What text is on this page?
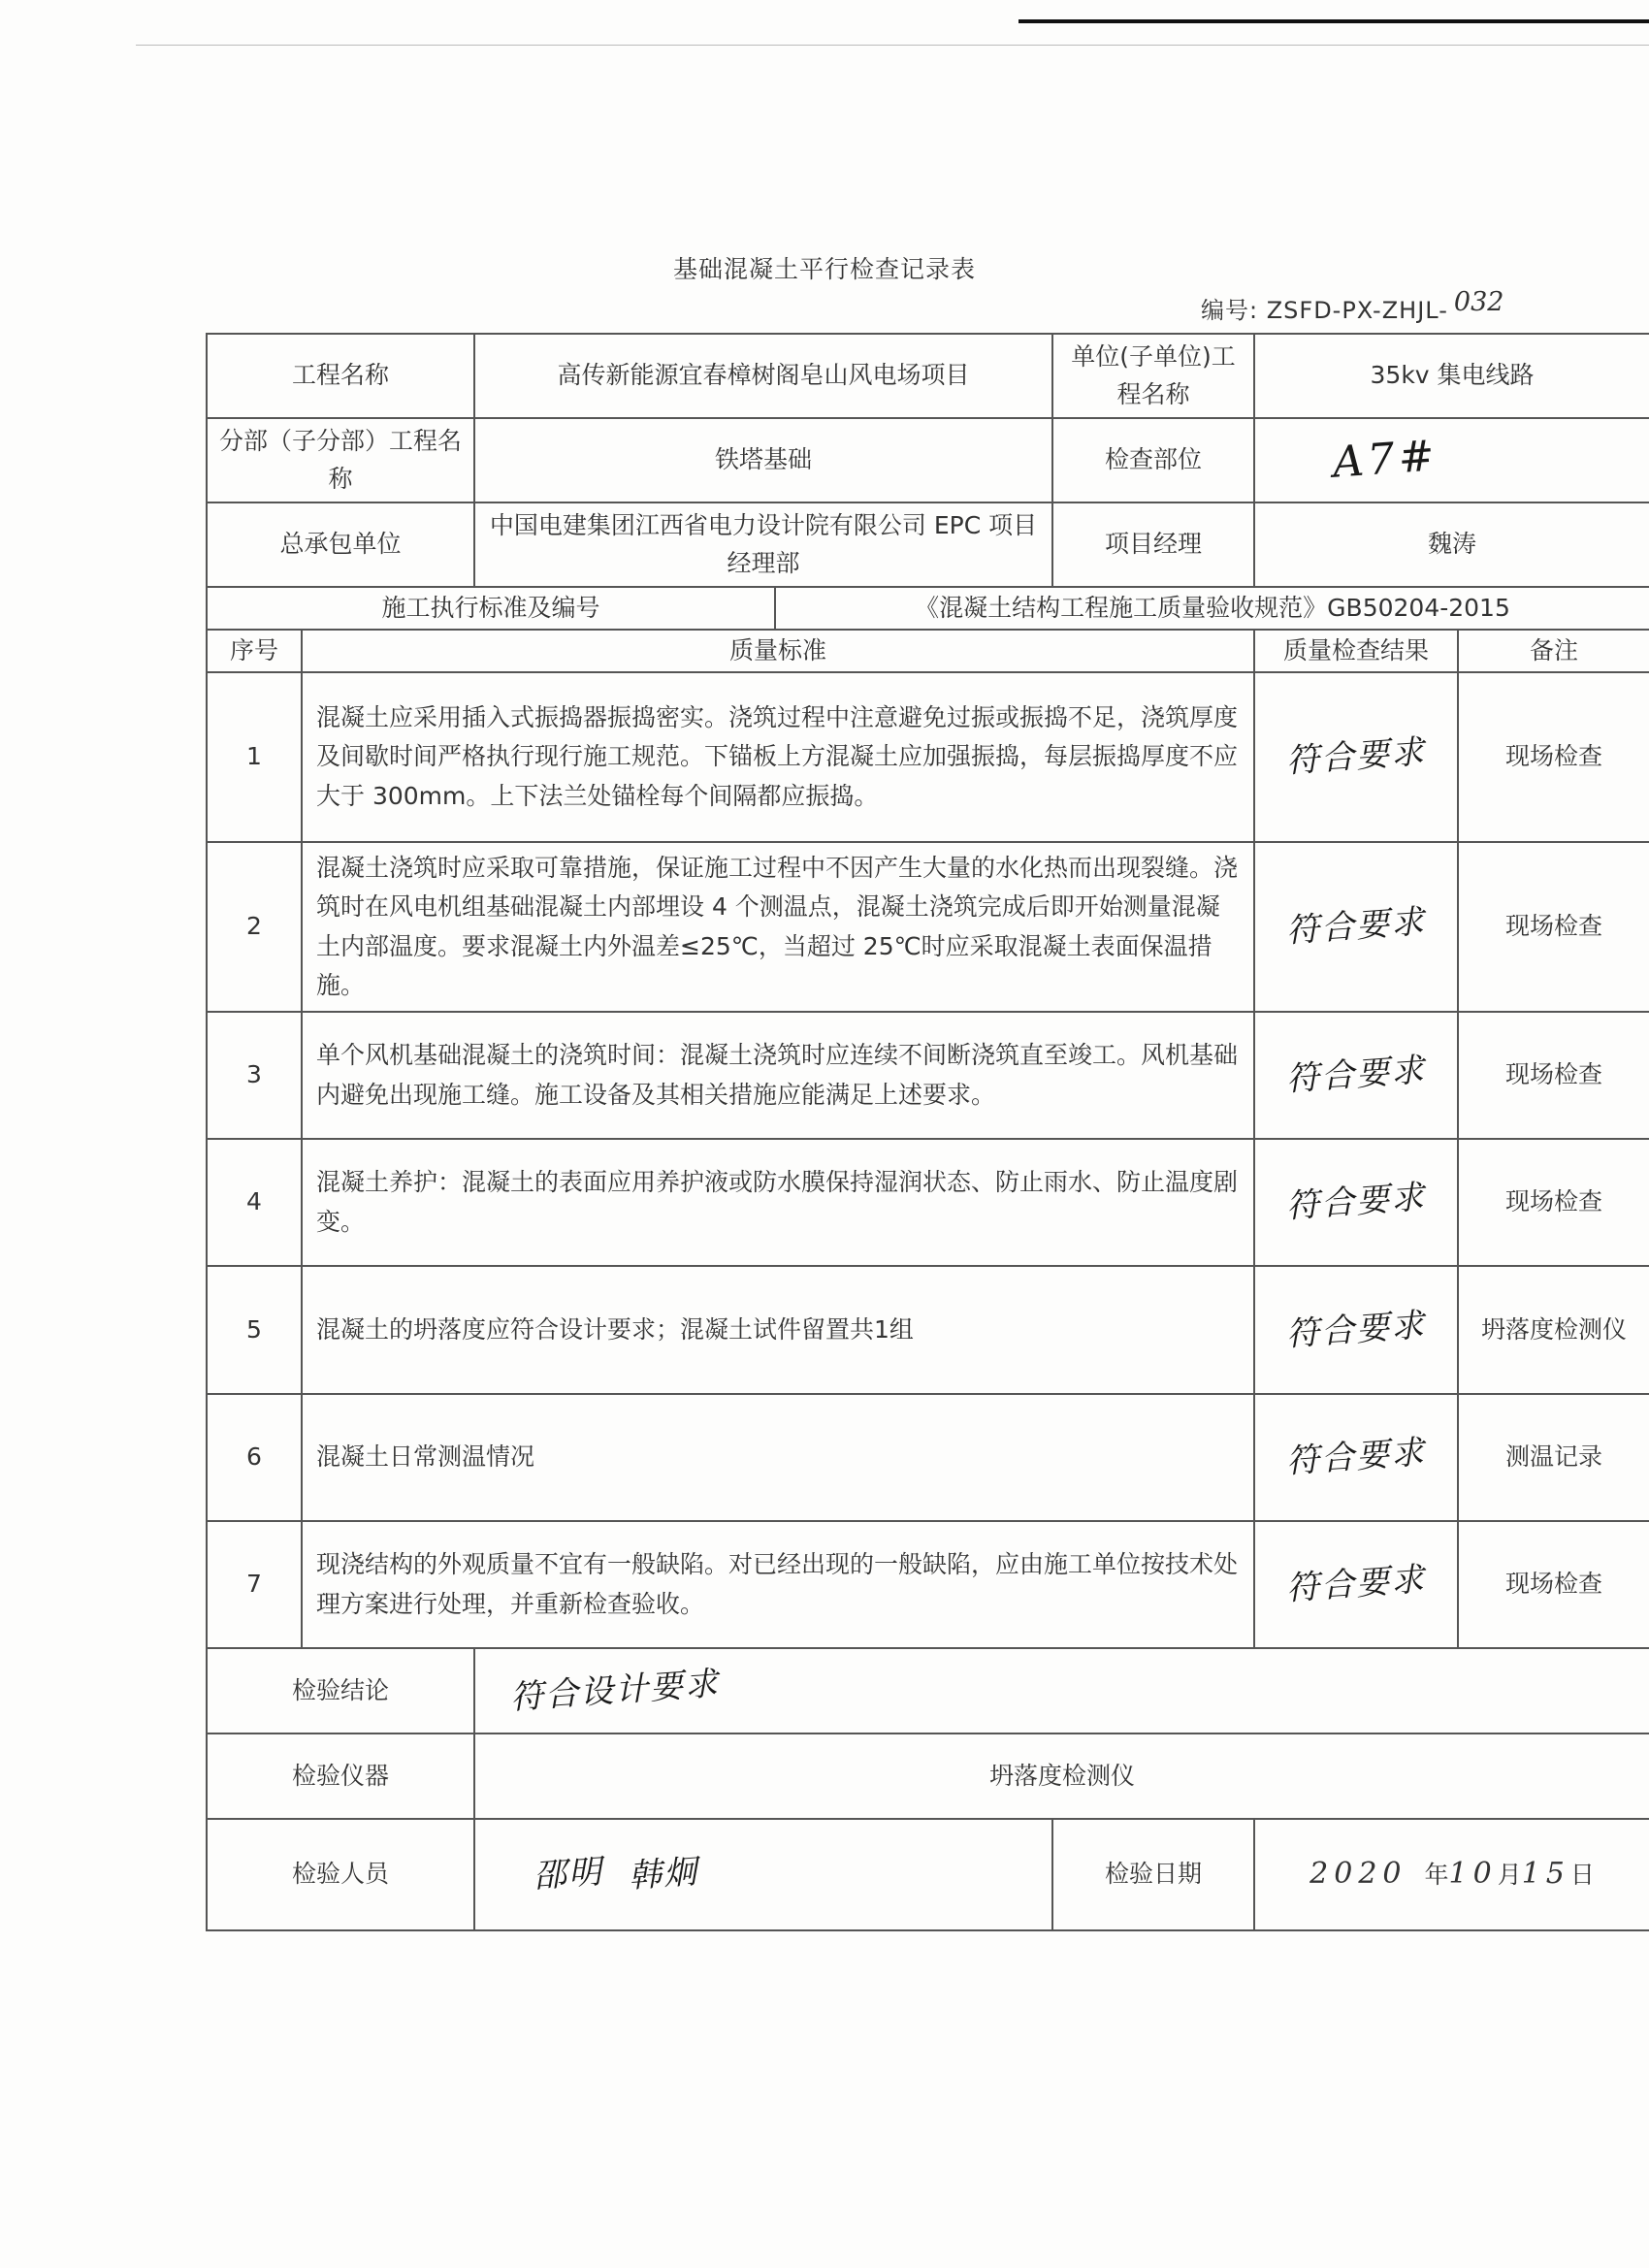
基础混凝土平行检查记录表
编号: ZSFD-PX-ZHJL- 032
工程名称		高传新能源宜春樟树阁皂山风电场项目		单位(子单位)工程名称	35kv 集电线路	
分部（子分部）工程名称		铁塔基础		检查部位	A7#	
总承包单位		中国电建集团江西省电力设计院有限公司 EPC 项目经理部		项目经理	魏涛	
施工执行标准及编号			《混凝土结构工程施工质量验收规范》GB50204-2015			
序号	质量标准				质量检查结果	备注
1	混凝土应采用插入式振捣器振捣密实。浇筑过程中注意避免过振或振捣不足，浇筑厚度及间歇时间严格执行现行施工规范。下锚板上方混凝土应加强振捣，每层振捣厚度不应大于 300mm。上下法兰处锚栓每个间隔都应振捣。				符合要求	现场检查
2	混凝土浇筑时应采取可靠措施，保证施工过程中不因产生大量的水化热而出现裂缝。浇筑时在风电机组基础混凝土内部埋设 4 个测温点，混凝土浇筑完成后即开始测量混凝土内部温度。要求混凝土内外温差≤25℃，当超过 25℃时应采取混凝土表面保温措施。				符合要求	现场检查
3	单个风机基础混凝土的浇筑时间：混凝土浇筑时应连续不间断浇筑直至竣工。风机基础内避免出现施工缝。施工设备及其相关措施应能满足上述要求。				符合要求	现场检查
4	混凝土养护：混凝土的表面应用养护液或防水膜保持湿润状态、防止雨水、防止温度剧变。				符合要求	现场检查
5	混凝土的坍落度应符合设计要求；混凝土试件留置共1组				符合要求	坍落度检测仪
6	混凝土日常测温情况				符合要求	测温记录
7	现浇结构的外观质量不宜有一般缺陷。对已经出现的一般缺陷，应由施工单位按技术处理方案进行处理，并重新检查验收。				符合要求	现场检查
检验结论		符合设计要求				
检验仪器		坍落度检测仪				
检验人员		邵明 韩炯		检验日期	2020 年10月15日	
